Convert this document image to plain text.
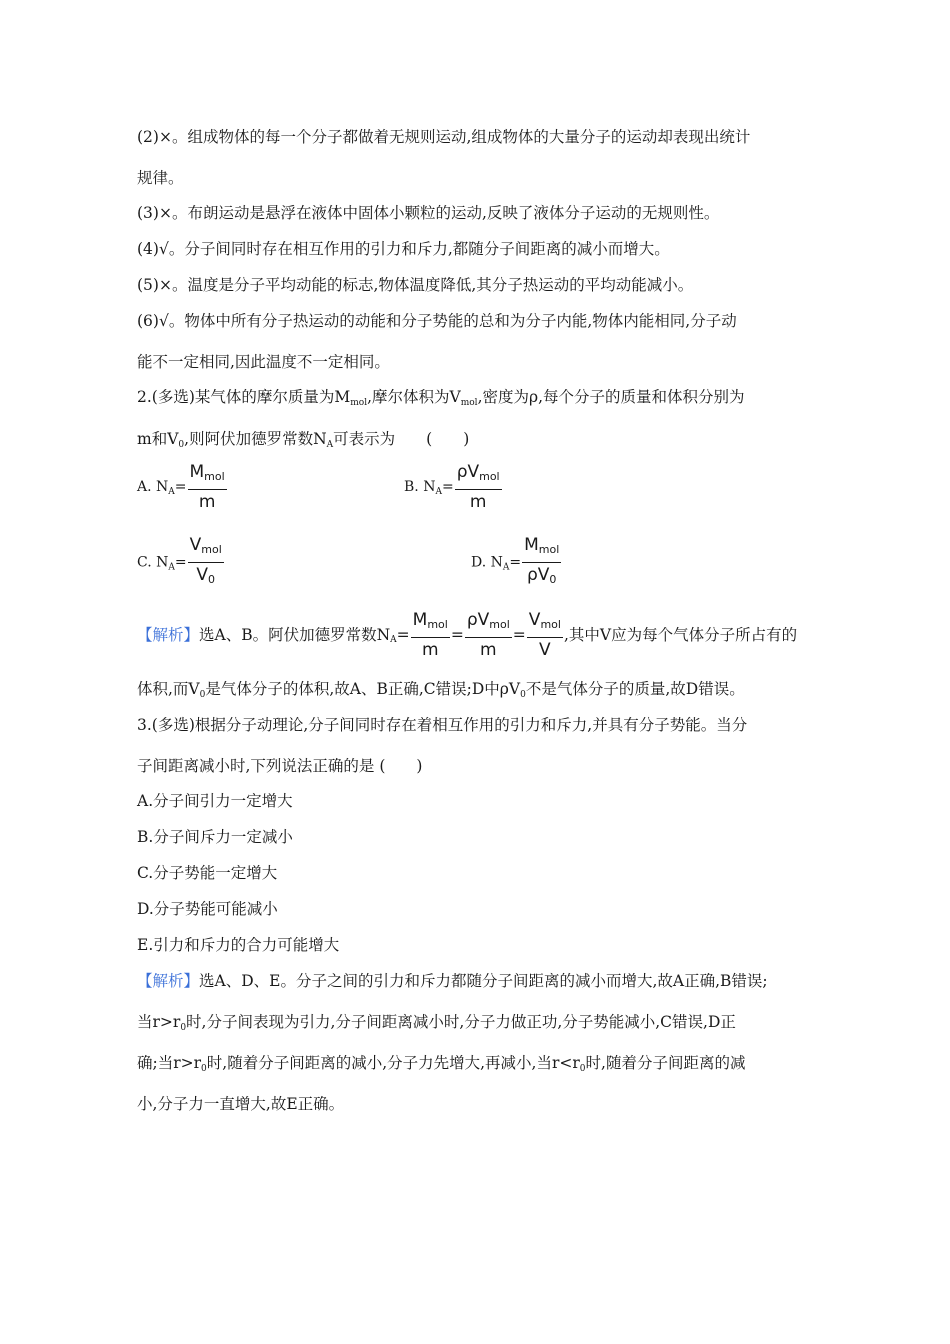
(2)×。组成物体的每一个分子都做着无规则运动,组成物体的大量分子的运动却表现出统计
规律。
(3)×。布朗运动是悬浮在液体中固体小颗粒的运动,反映了液体分子运动的无规则性。
(4)√。分子间同时存在相互作用的引力和斥力,都随分子间距离的减小而增大。
(5)×。温度是分子平均动能的标志,物体温度降低,其分子热运动的平均动能减小。
(6)√。物体中所有分子热运动的动能和分子势能的总和为分子内能,物体内能相同,分子动
能不一定相同,因此温度不一定相同。
2.(多选)某气体的摩尔质量为$M_{mol}$,摩尔体积为$V_{mol}$,密度为ρ,每个分子的质量和体积分别为
m和$V_0$,则阿伏加德罗常数$N_A$可表示为　　(　　)
A. $N_A= \frac{M_{mol}}{m}$	B. $N_A= \frac{\rho V_{mol}}{m}$
C. $N_A= \frac{V_{mol}}{V_0}$	D. $N_A= \frac{M_{mol}}{\rho V_0}$
【解析】选A、B。阿伏加德罗常数$N_A= \frac{M_{mol}}{m} = \frac{\rho V_{mol}}{m} = \frac{V_{mol}}{V}$ ,其中V应为每个气体分子所占有的
体积,而$V_0$是气体分子的体积,故A、B正确,C错误;D中$\rho V_0$不是气体分子的质量,故D错误。
3.(多选)根据分子动理论,分子间同时存在着相互作用的引力和斥力,并具有分子势能。当分
子间距离减小时,下列说法正确的是 (　　)
A.分子间引力一定增大
B.分子间斥力一定减小
C.分子势能一定增大
D.分子势能可能减小
E.引力和斥力的合力可能增大
【解析】选A、D、E。分子之间的引力和斥力都随分子间距离的减小而增大,故A正确,B错误;
当$r>r_0$时,分子间表现为引力,分子间距离减小时,分子力做正功,分子势能减小,C错误,D正
确;当$r>r_0$时,随着分子间距离的减小,分子力先增大,再减小,当$r<r_0$时,随着分子间距离的减
小,分子力一直增大,故E正确。
